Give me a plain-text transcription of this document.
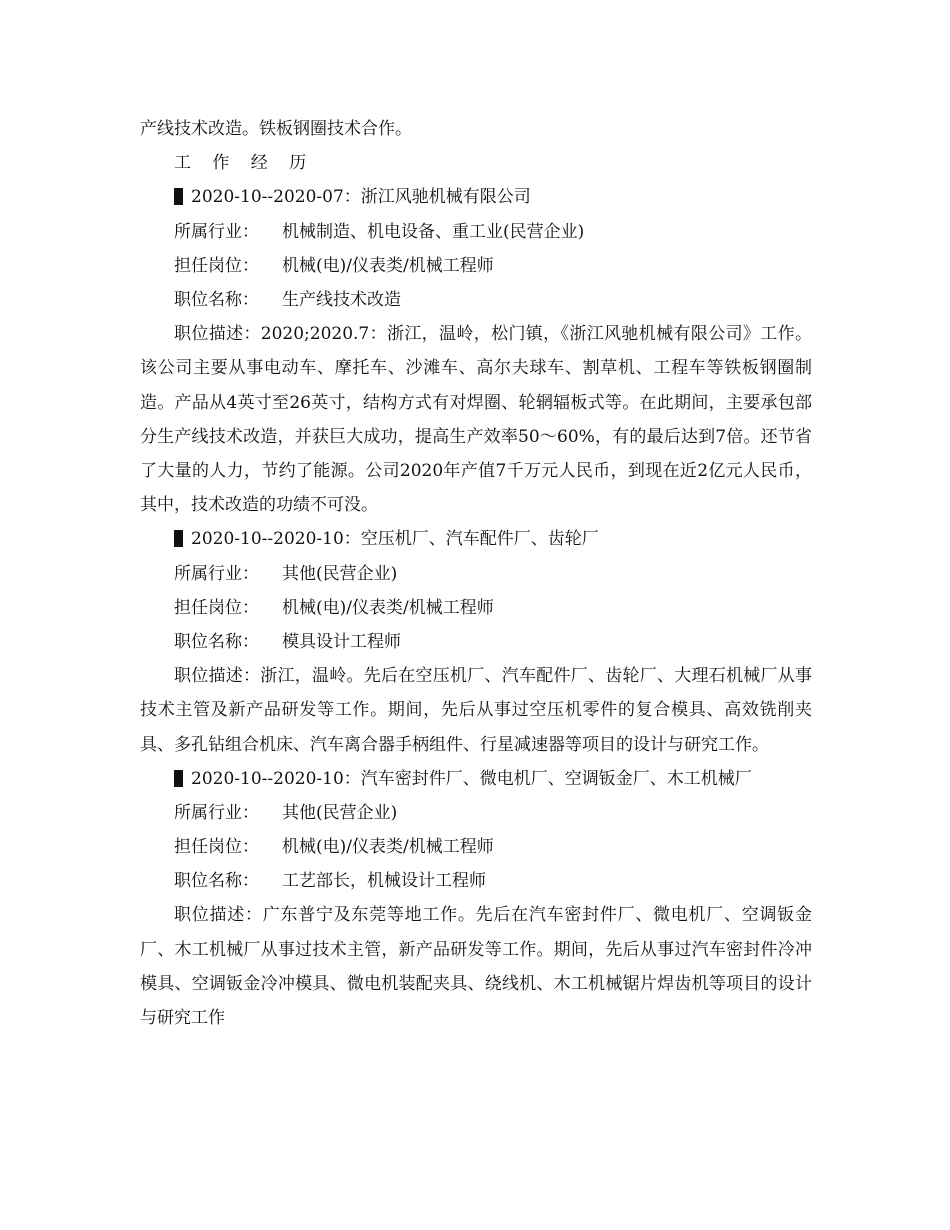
产线技术改造。铁板钢圈技术合作。
工 作 经 历
2020-10--2020-07：浙江风驰机械有限公司
所属行业： 机械制造、机电设备、重工业(民营企业)
担任岗位： 机械(电)/仪表类/机械工程师
职位名称： 生产线技术改造

职位描述：2020;2020.7：浙江，温岭，松门镇，《浙江风驰机械有限公司》工作。该公司主要从事电动车、摩托车、沙滩车、高尔夫球车、割草机、工程车等铁板钢圈制造。产品从4英寸至26英寸，结构方式有对焊圈、轮辋辐板式等。在此期间，主要承包部分生产线技术改造，并获巨大成功，提高生产效率50～60%，有的最后达到7倍。还节省了大量的人力，节约了能源。公司2020年产值7千万元人民币，到现在近2亿元人民币，其中，技术改造的功绩不可没。

2020-10--2020-10：空压机厂、汽车配件厂、齿轮厂
所属行业： 其他(民营企业)
担任岗位： 机械(电)/仪表类/机械工程师
职位名称： 模具设计工程师

职位描述：浙江，温岭。先后在空压机厂、汽车配件厂、齿轮厂、大理石机械厂从事技术主管及新产品研发等工作。期间，先后从事过空压机零件的复合模具、高效铣削夹具、多孔钻组合机床、汽车离合器手柄组件、行星减速器等项目的设计与研究工作。

2020-10--2020-10：汽车密封件厂、微电机厂、空调钣金厂、木工机械厂
所属行业： 其他(民营企业)
担任岗位： 机械(电)/仪表类/机械工程师
职位名称： 工艺部长，机械设计工程师

职位描述：广东普宁及东莞等地工作。先后在汽车密封件厂、微电机厂、空调钣金厂、木工机械厂从事过技术主管，新产品研发等工作。期间，先后从事过汽车密封件冷冲模具、空调钣金冷冲模具、微电机装配夹具、绕线机、木工机械锯片焊齿机等项目的设计与研究工作
